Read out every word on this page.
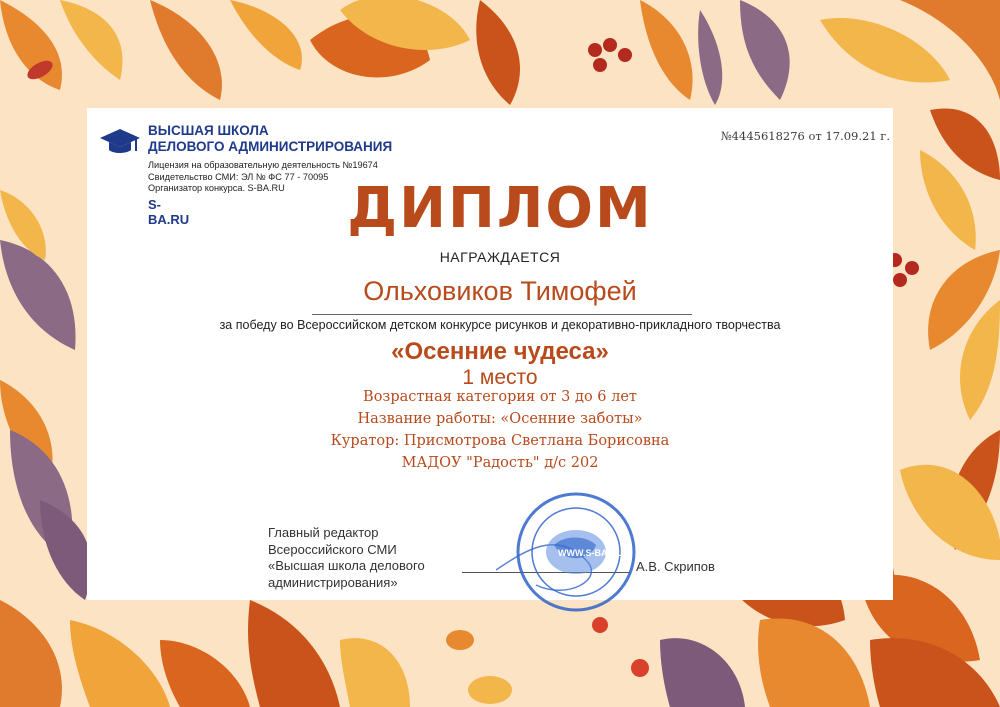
ВЫСШАЯ ШКОЛА
ДЕЛОВОГО АДМИНИСТРИРОВАНИЯ
Лицензия на образовательную деятельность №19674
Свидетельство СМИ: ЭЛ № ФС 77 - 70095
Организатор конкурса. S-BA.RU
S-BA.RU
№4445618276 от 17.09.21 г.
ДИПЛОМ
НАГРАЖДАЕТСЯ
Ольховиков Тимофей
за победу во Всероссийском детском конкурсе рисунков и декоративно-прикладного творчества
«Осенние чудеса»
1 место
Возрастная категория от 3 до 6 лет
Название работы: «Осенние заботы»
Куратор: Присмотрова Светлана Борисовна
МАДОУ "Радость" д/с 202
Главный редактор
Всероссийского СМИ
«Высшая школа делового
администрирования»
А.В. Скрипов
WWW.S-BA.RU
